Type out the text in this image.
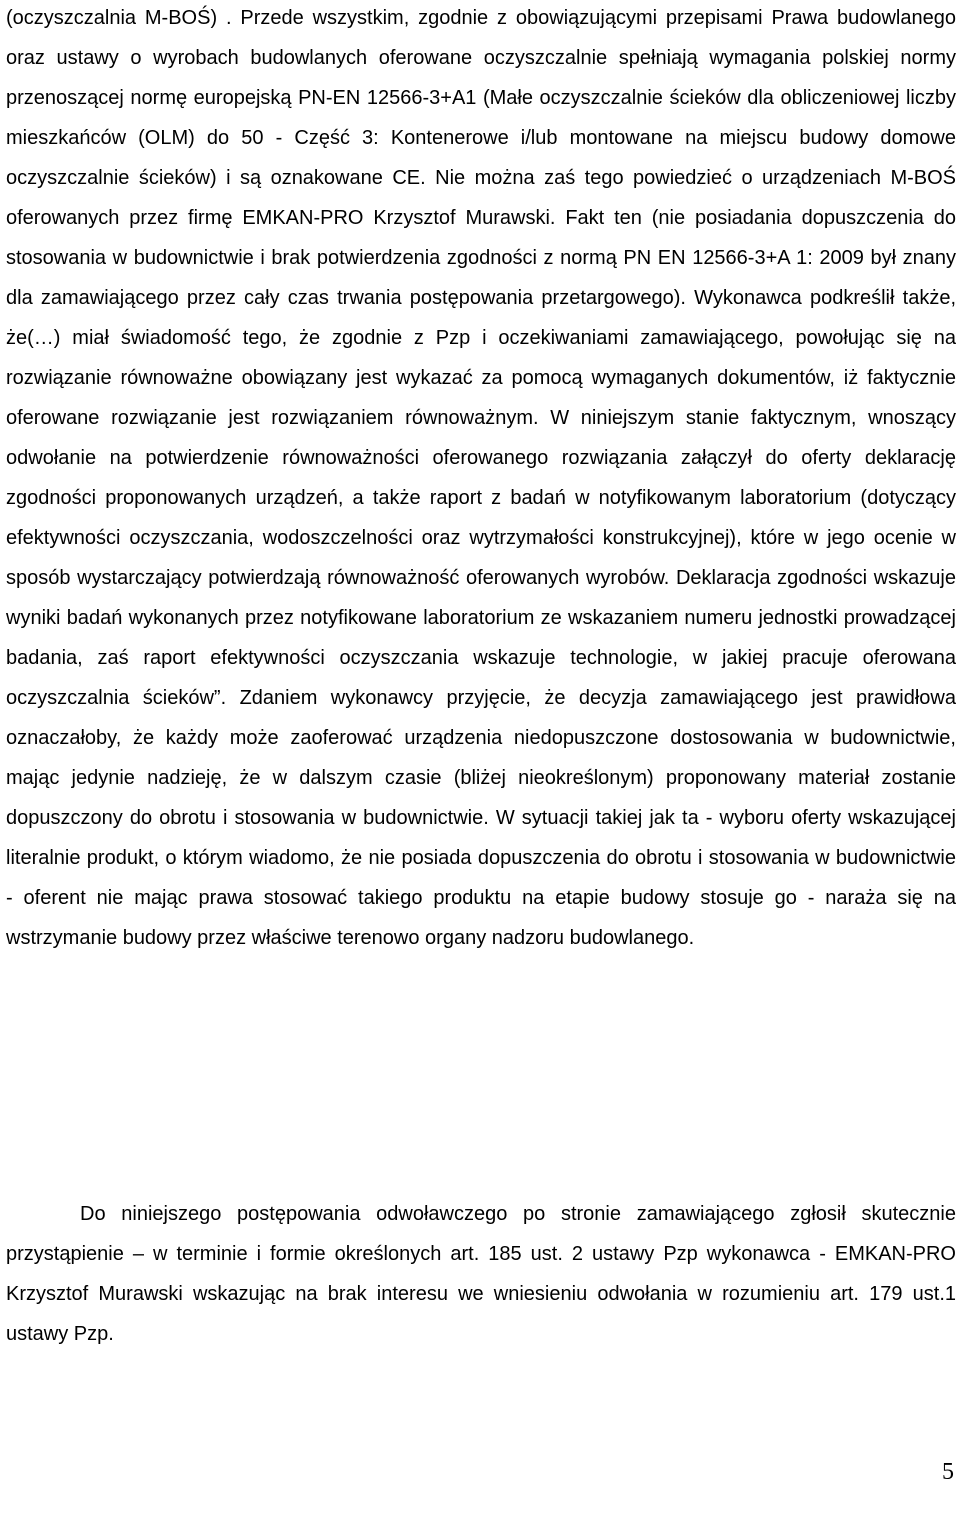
(oczyszczalnia M-BOŚ) . Przede wszystkim, zgodnie z obowiązującymi przepisami Prawa budowlanego oraz ustawy o wyrobach budowlanych oferowane oczyszczalnie spełniają wymagania polskiej normy przenoszącej normę europejską PN-EN 12566-3+A1 (Małe oczyszczalnie ścieków dla obliczeniowej liczby mieszkańców (OLM) do 50 - Część 3: Kontenerowe i/lub montowane na miejscu budowy domowe oczyszczalnie ścieków) i są oznakowane CE. Nie można zaś tego powiedzieć o urządzeniach M-BOŚ oferowanych przez firmę EMKAN-PRO Krzysztof Murawski. Fakt ten (nie posiadania dopuszczenia do stosowania w budownictwie i brak potwierdzenia zgodności z normą PN EN 12566-3+A 1: 2009 był znany dla zamawiającego przez cały czas trwania postępowania przetargowego). Wykonawca podkreślił także, że(…) miał świadomość tego, że zgodnie z Pzp i oczekiwaniami zamawiającego, powołując się na rozwiązanie równoważne obowiązany jest wykazać za pomocą wymaganych dokumentów, iż faktycznie oferowane rozwiązanie jest rozwiązaniem równoważnym. W niniejszym stanie faktycznym, wnoszący odwołanie na potwierdzenie równoważności oferowanego rozwiązania załączył do oferty deklarację zgodności proponowanych urządzeń, a także raport z badań w notyfikowanym laboratorium (dotyczący efektywności oczyszczania, wodoszczelności oraz wytrzymałości konstrukcyjnej), które w jego ocenie w sposób wystarczający potwierdzają równoważność oferowanych wyrobów. Deklaracja zgodności wskazuje wyniki badań wykonanych przez notyfikowane laboratorium ze wskazaniem numeru jednostki prowadzącej badania, zaś raport efektywności oczyszczania wskazuje technologie, w jakiej pracuje oferowana oczyszczalnia ścieków”. Zdaniem wykonawcy przyjęcie, że decyzja zamawiającego jest prawidłowa oznaczałoby, że każdy może zaoferować urządzenia niedopuszczone dostosowania w budownictwie, mając jedynie nadzieję, że w dalszym czasie (bliżej nieokreślonym) proponowany materiał zostanie dopuszczony do obrotu i stosowania w budownictwie. W sytuacji takiej jak ta - wyboru oferty wskazującej literalnie produkt, o którym wiadomo, że nie posiada dopuszczenia do obrotu i stosowania w budownictwie - oferent nie mając prawa stosować takiego produktu na etapie budowy stosuje go - naraża się na wstrzymanie budowy przez właściwe terenowo organy nadzoru budowlanego.

Do niniejszego postępowania odwoławczego po stronie zamawiającego zgłosił skutecznie przystąpienie – w terminie i formie określonych art. 185 ust. 2 ustawy Pzp wykonawca - EMKAN-PRO Krzysztof Murawski wskazując na brak interesu we wniesieniu odwołania w rozumieniu art. 179 ust.1 ustawy Pzp.

5
